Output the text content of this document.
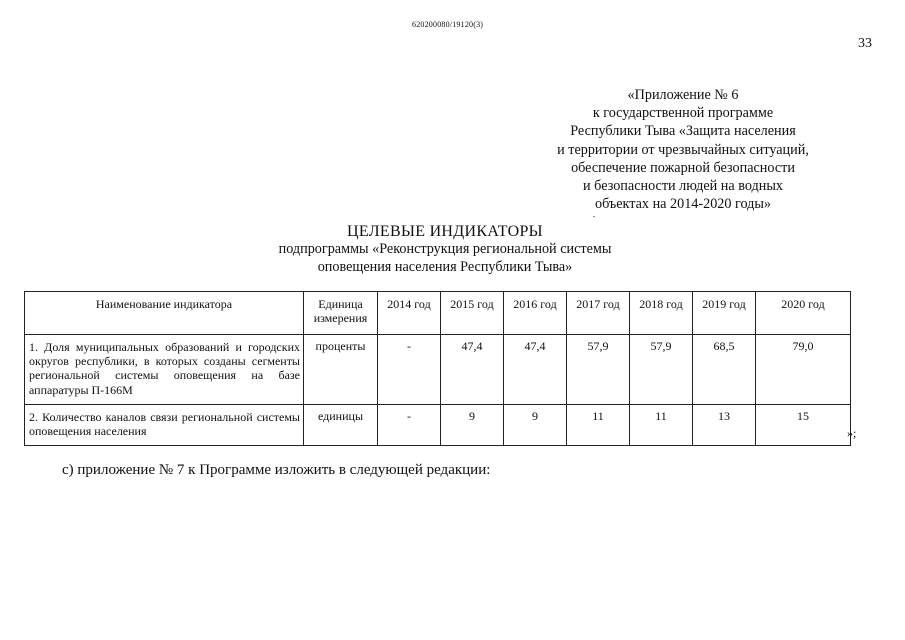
620200080/19120(3)
33
«Приложение № 6
к государственной программе
Республики Тыва «Защита населения
и территории от чрезвычайных ситуаций,
обеспечение пожарной безопасности
и безопасности людей на водных
объектах на 2014-2020 годы»
ЦЕЛЕВЫЕ ИНДИКАТОРЫ
подпрограммы «Реконструкция региональной системы
оповещения населения Республики Тыва»
Наименование индикатора	Единица измерения	2014 год	2015 год	2016 год	2017 год	2018 год	2019 год	2020 год
1. Доля муниципальных образований и городских округов республики, в которых созданы сегменты региональной системы оповещения на базе аппаратуры П-166М	проценты	-	47,4	47,4	57,9	57,9	68,5	79,0
2. Количество каналов связи региональной системы оповещения населения	единицы	-	9	9	11	11	13	15
»;
с) приложение № 7 к Программе изложить в следующей редакции:
